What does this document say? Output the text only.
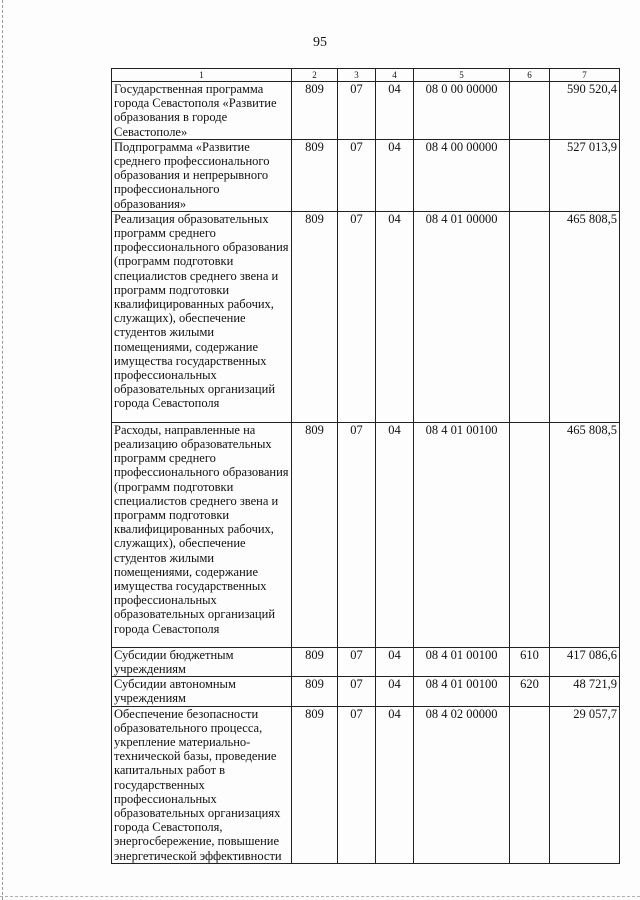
95
1	2	3	4	5	6	7
Государственная программа города Севастополя «Развитие образования в городе Севастополе»	809	07	04	08 0 00 00000		590 520,4
Подпрограмма «Развитие среднего профессионального образования и непрерывного профессионального образования»	809	07	04	08 4 00 00000		527 013,9
Реализация образовательных программ среднего профессионального образования (программ подготовки специалистов среднего звена и программ подготовки квалифицированных рабочих, служащих), обеспечение студентов жилыми помещениями, содержание имущества государственных профессиональных образовательных организаций города Севастополя	809	07	04	08 4 01 00000		465 808,5
Расходы, направленные на реализацию образовательных программ среднего профессионального образования (программ подготовки специалистов среднего звена и программ подготовки квалифицированных рабочих, служащих), обеспечение студентов жилыми помещениями, содержание имущества государственных профессиональных образовательных организаций города Севастополя	809	07	04	08 4 01 00100		465 808,5
Субсидии бюджетным учреждениям	809	07	04	08 4 01 00100	610	417 086,6
Субсидии автономным учреждениям	809	07	04	08 4 01 00100	620	48 721,9
Обеспечение безопасности образовательного процесса, укрепление материально-технической базы, проведение капитальных работ в государственных профессиональных образовательных организациях города Севастополя, энергосбережение, повышение энергетической эффективности	809	07	04	08 4 02 00000		29 057,7
